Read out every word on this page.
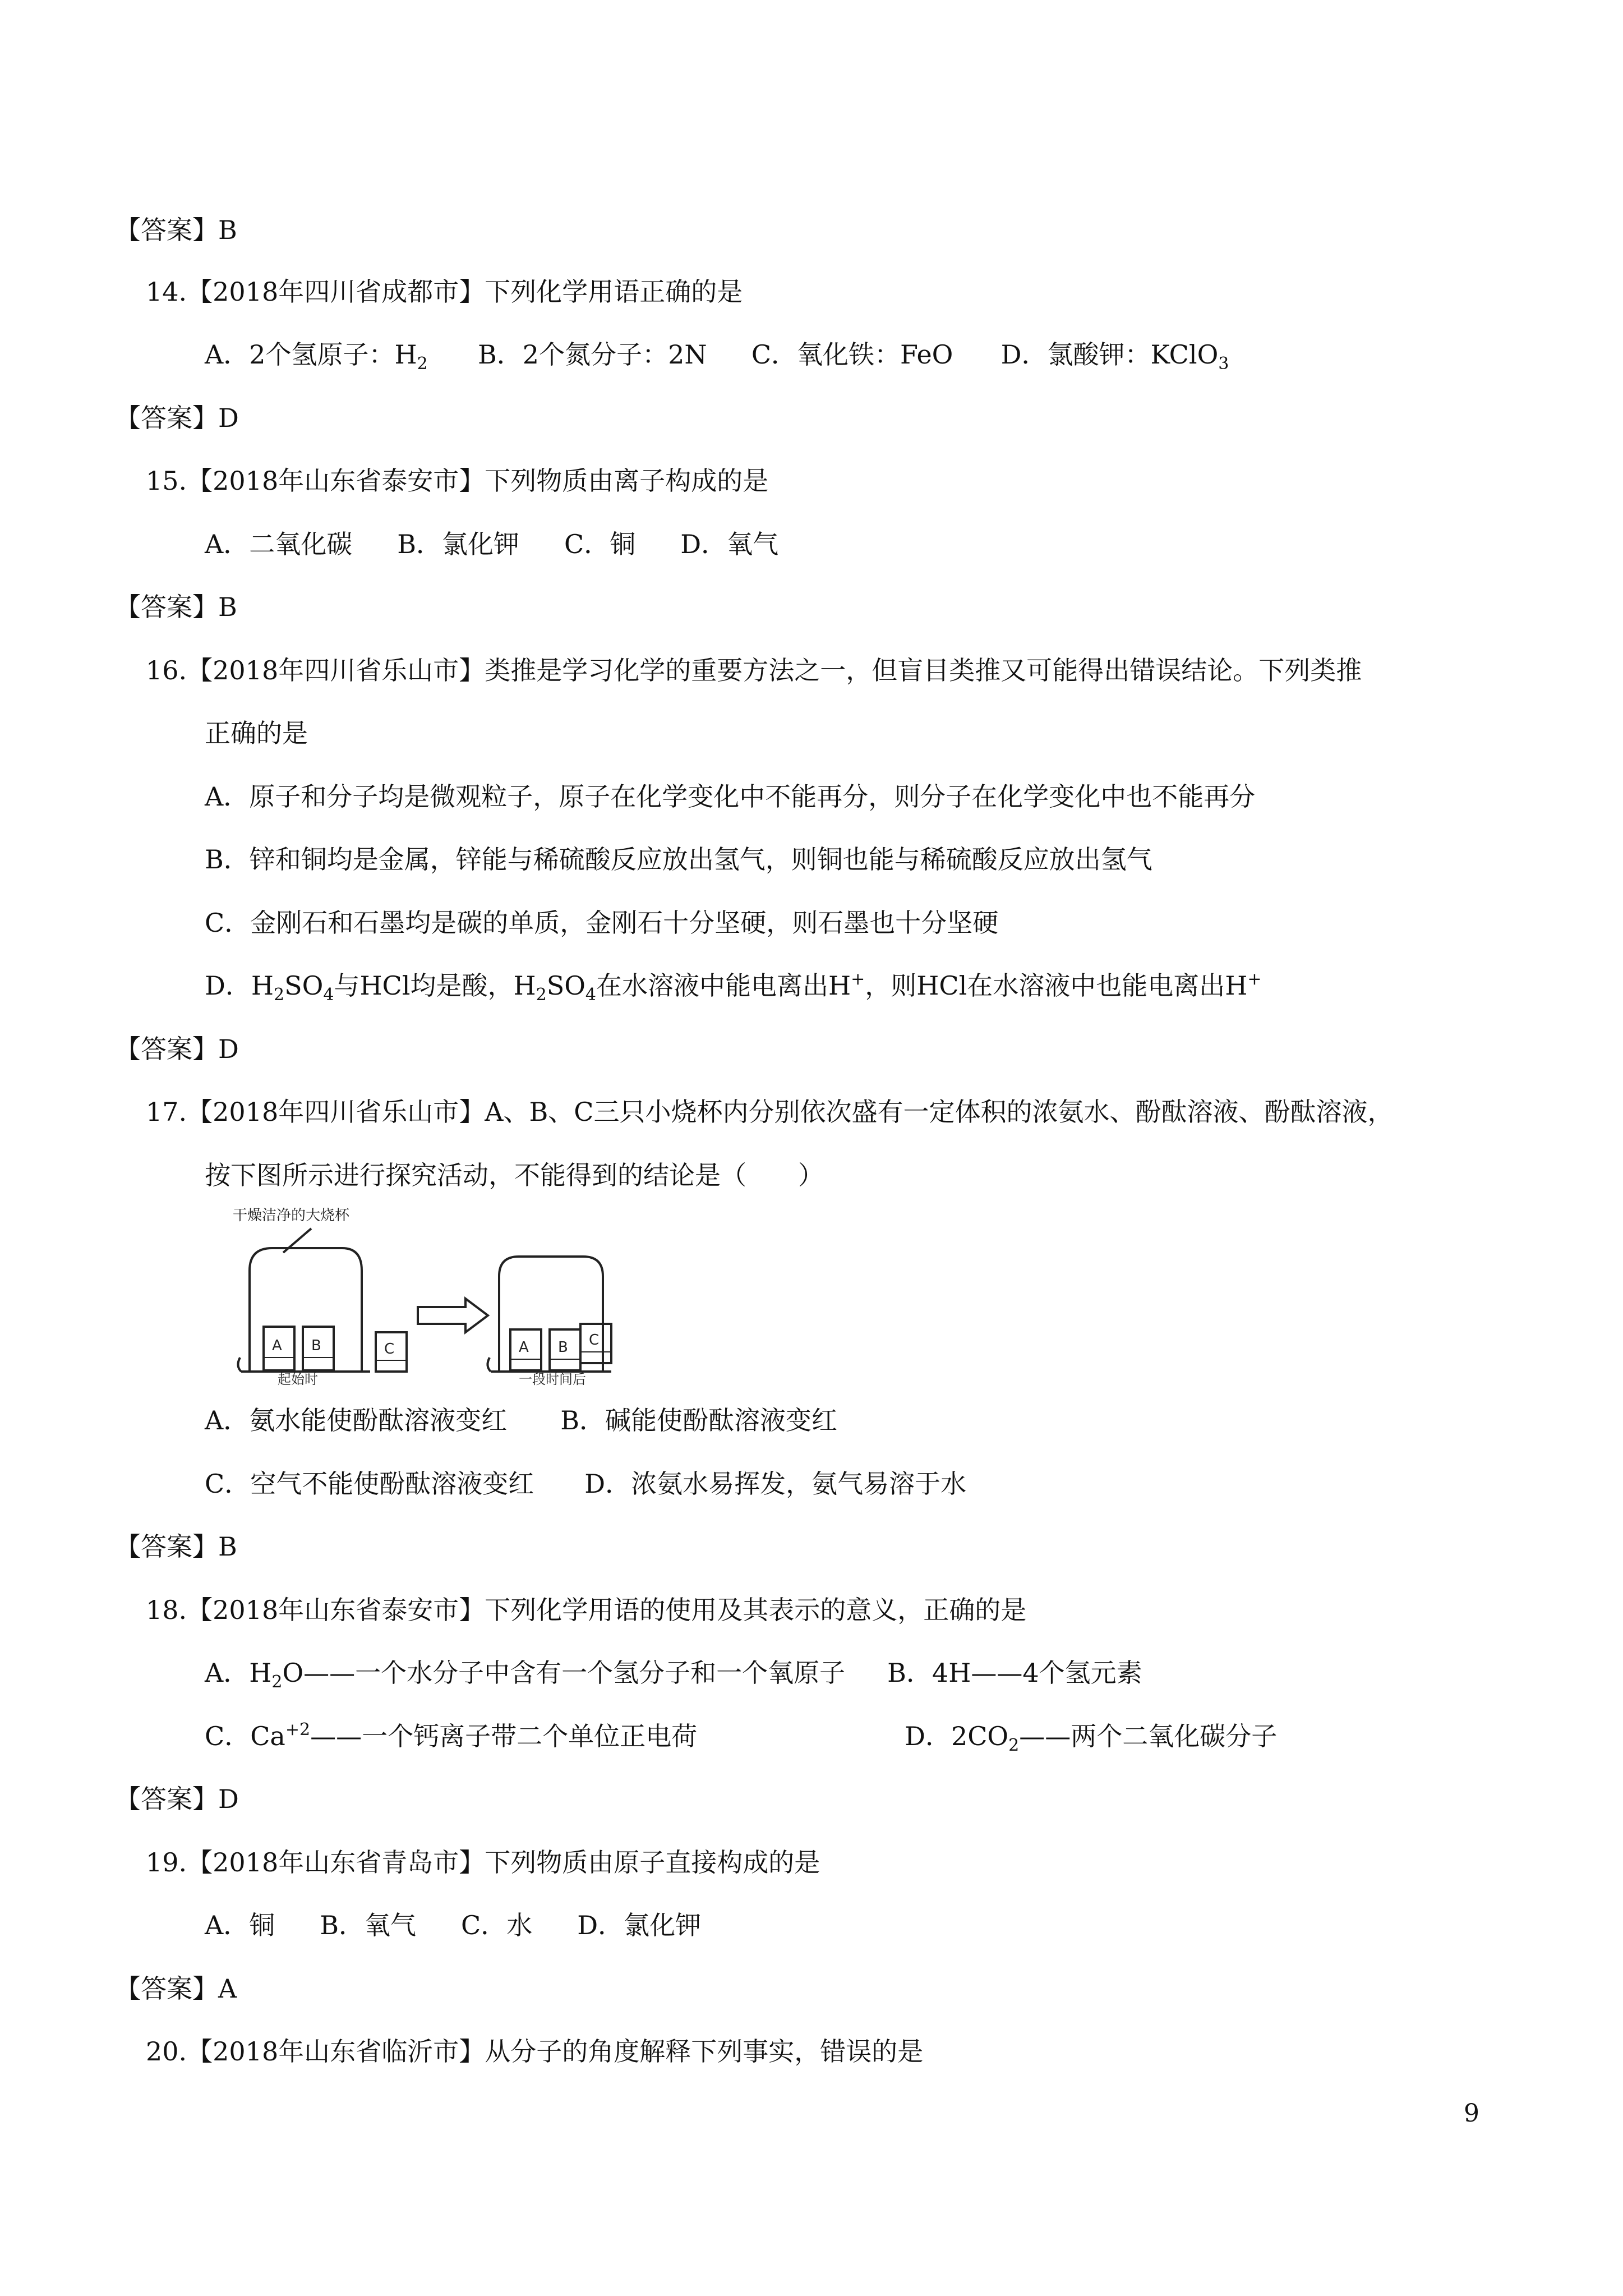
【答案】B
14.【2018年四川省成都市】下列化学用语正确的是
A．2个氢原子：$H_2$ B．2个氮分子：2N C．氧化铁：FeO D．氯酸钾：KClO$_3$
【答案】D
15.【2018年山东省泰安市】下列物质由离子构成的是
A．二氧化碳 B．氯化钾 C．铜 D．氧气
【答案】B
16.【2018年四川省乐山市】类推是学习化学的重要方法之一，但盲目类推又可能得出错误结论。下列类推
正确的是
A．原子和分子均是微观粒子，原子在化学变化中不能再分，则分子在化学变化中也不能再分
B．锌和铜均是金属，锌能与稀硫酸反应放出氢气，则铜也能与稀硫酸反应放出氢气
C．金刚石和石墨均是碳的单质，金刚石十分坚硬，则石墨也十分坚硬
D．$H_2SO_4$与HCl均是酸，$H_2SO_4$在水溶液中能电离出H+，则HCl在水溶液中也能电离出H+
【答案】D
17.【2018年四川省乐山市】A、B、C三只小烧杯内分别依次盛有一定体积的浓氨水、酚酞溶液、酚酞溶液，
按下图所示进行探究活动，不能得到的结论是（　　）
干燥洁净的大烧杯
A B	C	A B
起始时	一段时间后
C
A．氨水能使酚酞溶液变红 B．碱能使酚酞溶液变红
C．空气不能使酚酞溶液变红 D．浓氨水易挥发，氨气易溶于水
【答案】B
18.【2018年山东省泰安市】下列化学用语的使用及其表示的意义，正确的是
A．$H_2O——$一个水分子中含有一个氢分子和一个氧原子 B．4H——4个氢元素
C．$Ca^{+2}——$一个钙离子带二个单位正电荷	D．$2CO_2——$两个二氧化碳分子
【答案】D
19.【2018年山东省青岛市】下列物质由原子直接构成的是
A．铜 B．氧气 C．水 D．氯化钾
【答案】A
20.【2018年山东省临沂市】从分子的角度解释下列事实，错误的是
9
